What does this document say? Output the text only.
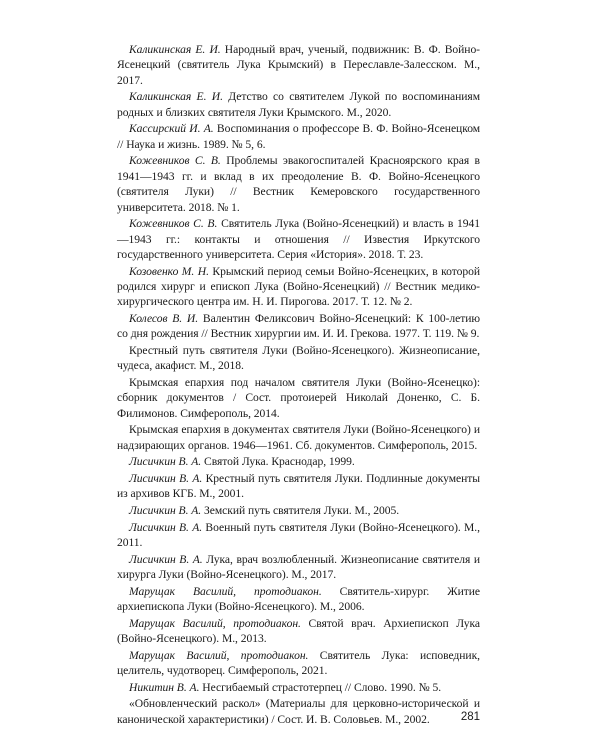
Каликинская Е. И. Народный врач, ученый, подвижник: В. Ф. Войно-Ясенецкий (святитель Лука Крымский) в Переславле-Залесском. М., 2017.

Каликинская Е. И. Детство со святителем Лукой по воспоминаниям родных и близких святителя Луки Крымского. М., 2020.

Кассирский И. А. Воспоминания о профессоре В. Ф. Войно-Ясенецком // Наука и жизнь. 1989. № 5, 6.

Кожевников С. В. Проблемы эвакогоспиталей Красноярского края в 1941—1943 гг. и вклад в их преодоление В. Ф. Войно-Ясенецкого (святителя Луки) // Вестник Кемеровского государственного университета. 2018. № 1.

Кожевников С. В. Святитель Лука (Войно-Ясенецкий) и власть в 1941—1943 гг.: контакты и отношения // Известия Иркутского государственного университета. Серия «История». 2018. Т. 23.

Козовенко М. Н. Крымский период семьи Войно-Ясенецких, в которой родился хирург и епископ Лука (Войно-Ясенецкий) // Вестник медико-хирургического центра им. Н. И. Пирогова. 2017. Т. 12. № 2.

Колесов В. И. Валентин Феликсович Войно-Ясенецкий: К 100-летию со дня рождения // Вестник хирургии им. И. И. Грекова. 1977. Т. 119. № 9.

Крестный путь святителя Луки (Войно-Ясенецкого). Жизнеописание, чудеса, акафист. М., 2018.

Крымская епархия под началом святителя Луки (Войно-Ясенецко): сборник документов / Сост. протоиерей Николай Доненко, С. Б. Филимонов. Симферополь, 2014.

Крымская епархия в документах святителя Луки (Войно-Ясенецкого) и надзирающих органов. 1946—1961. Сб. документов. Симферополь, 2015.

Лисичкин В. А. Святой Лука. Краснодар, 1999.

Лисичкин В. А. Крестный путь святителя Луки. Подлинные документы из архивов КГБ. М., 2001.

Лисичкин В. А. Земский путь святителя Луки. М., 2005.

Лисичкин В. А. Военный путь святителя Луки (Войно-Ясенецкого). М., 2011.

Лисичкин В. А. Лука, врач возлюбленный. Жизнеописание святителя и хирурга Луки (Войно-Ясенецкого). М., 2017.

Марущак Василий, протодиакон. Святитель-хирург. Житие архиепископа Луки (Войно-Ясенецкого). М., 2006.

Марущак Василий, протодиакон. Святой врач. Архиепископ Лука (Войно-Ясенецкого). М., 2013.

Марущак Василий, протодиакон. Святитель Лука: исповедник, целитель, чудотворец. Симферополь, 2021.

Никитин В. А. Несгибаемый страстотерпец // Слово. 1990. № 5.

«Обновленческий раскол» (Материалы для церковно-исторической и канонической характеристики) / Сост. И. В. Соловьев. М., 2002.	281
